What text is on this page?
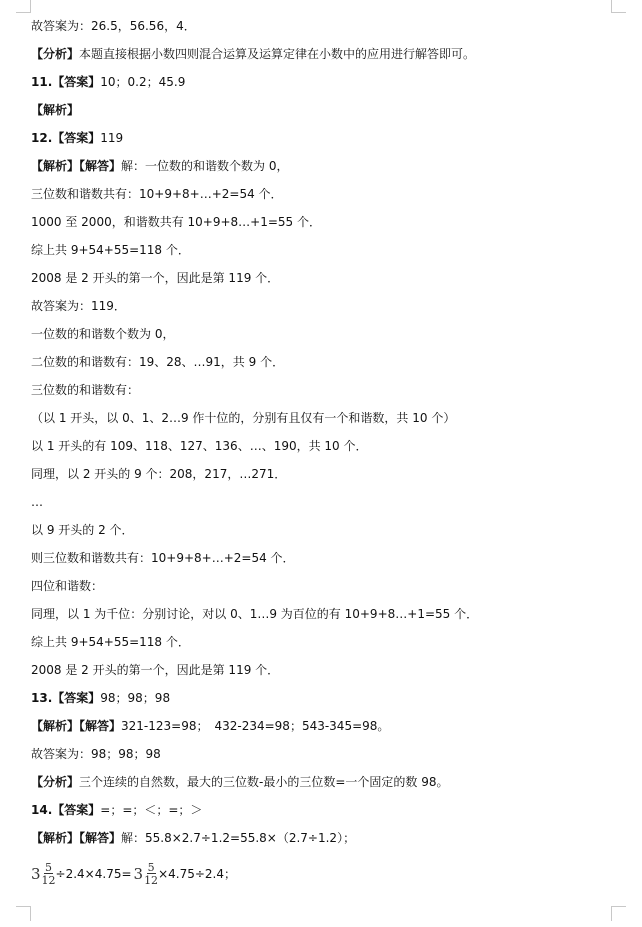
故答案为：26.5，56.56，4．
【分析】本题直接根据小数四则混合运算及运算定律在小数中的应用进行解答即可。
11.【答案】10；0.2；45.9
【解析】
12.【答案】119
【解析】【解答】解：一位数的和谐数个数为 0，
三位数和谐数共有：10+9+8+…+2=54 个．
1000 至 2000，和谐数共有 10+9+8…+1=55 个．
综上共 9+54+55=118 个．
2008 是 2 开头的第一个，因此是第 119 个．
故答案为：119．
一位数的和谐数个数为 0，
二位数的和谐数有：19、28、…91，共 9 个．
三位数的和谐数有：
（以 1 开头，以 0、1、2…9 作十位的，分别有且仅有一个和谐数，共 10 个）
以 1 开头的有 109、118、127、136、…、190，共 10 个．
同理，以 2 开头的 9 个：208，217，…271．
…
以 9 开头的 2 个．
则三位数和谐数共有：10+9+8+…+2=54 个．
四位和谐数：
同理，以 1 为千位：分别讨论，对以 0、1…9 为百位的有 10+9+8…+1=55 个．
综上共 9+54+55=118 个．
2008 是 2 开头的第一个，因此是第 119 个．
13.【答案】98；98；98
【解析】【解答】321-123=98；　432-234=98；543-345=98。
故答案为：98；98；98
【分析】三个连续的自然数，最大的三位数-最小的三位数=一个固定的数 98。
14.【答案】=；=；＜；=；＞
【解析】【解答】解：55.8×2.7÷1.2=55.8×（2.7÷1.2）；
$3 \frac{5}{12} \div 2.4\times 4.75= 3 \frac{5}{12} \times 4.75\div 2.4$；
